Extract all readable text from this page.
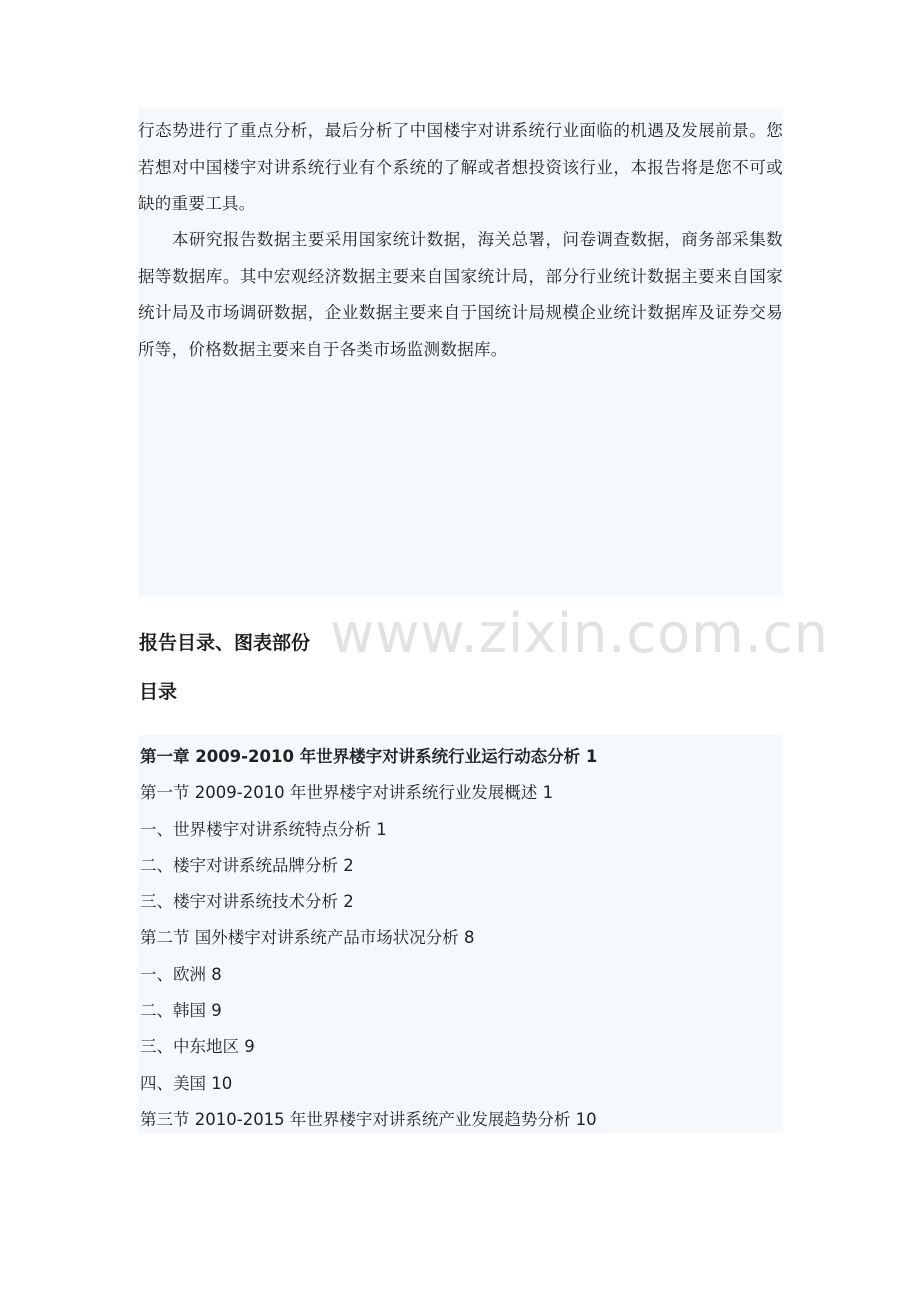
行态势进行了重点分析，最后分析了中国楼宇对讲系统行业面临的机遇及发展前景。您若想对中国楼宇对讲系统行业有个系统的了解或者想投资该行业，本报告将是您不可或缺的重要工具。

本研究报告数据主要采用国家统计数据，海关总署，问卷调查数据，商务部采集数据等数据库。其中宏观经济数据主要来自国家统计局，部分行业统计数据主要来自国家统计局及市场调研数据，企业数据主要来自于国统计局规模企业统计数据库及证券交易所等，价格数据主要来自于各类市场监测数据库。

www.zixin.com.cn
报告目录、图表部份
目录
第一章 2009-2010 年世界楼宇对讲系统行业运行动态分析 1
第一节 2009-2010 年世界楼宇对讲系统行业发展概述 1
一、世界楼宇对讲系统特点分析 1
二、楼宇对讲系统品牌分析 2
三、楼宇对讲系统技术分析 2
第二节 国外楼宇对讲系统产品市场状况分析 8
一、欧洲 8
二、韩国 9
三、中东地区 9
四、美国 10
第三节 2010-2015 年世界楼宇对讲系统产业发展趋势分析 10
